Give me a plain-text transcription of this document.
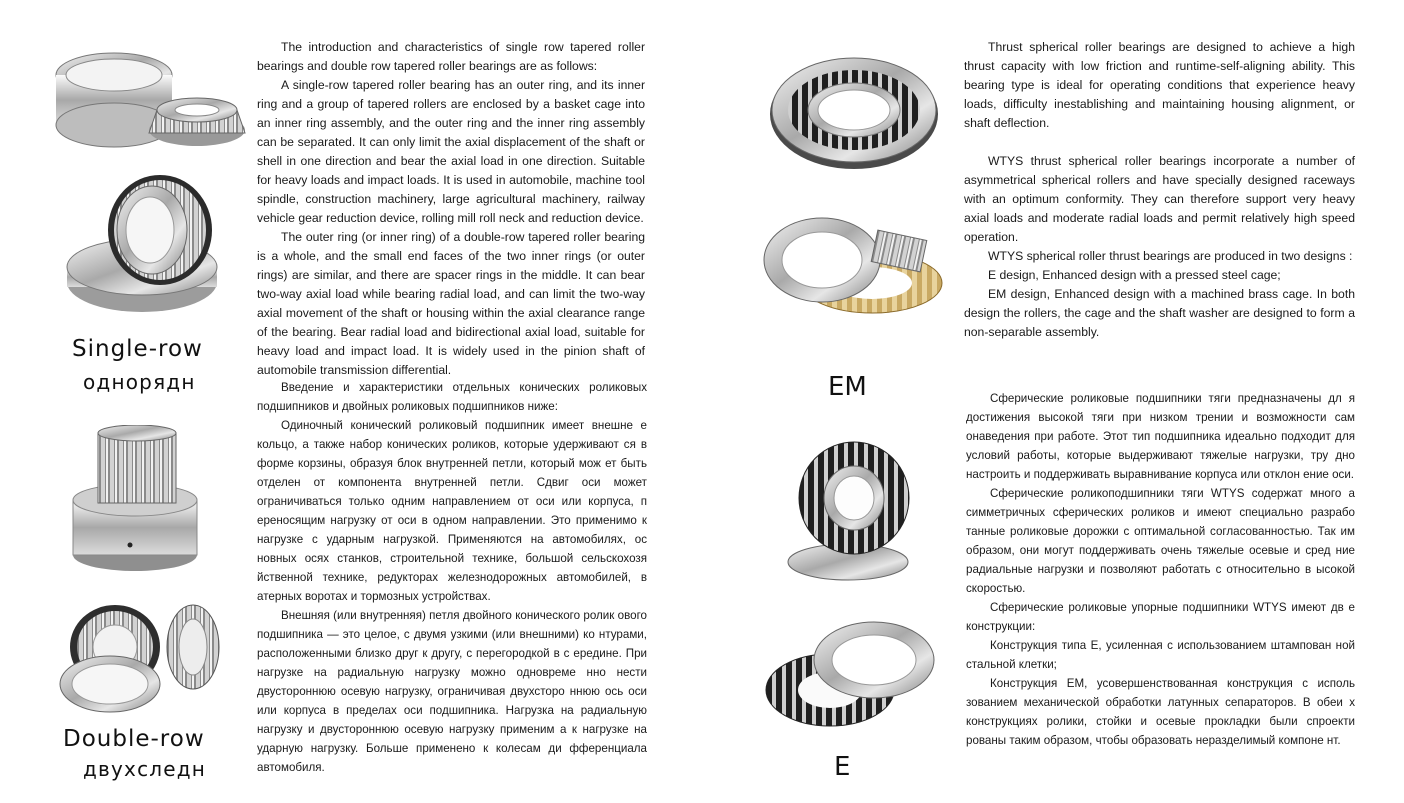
Single-row
однорядн
Double-row
двухследн

The introduction and characteristics of single row tapered roller bearings and double row tapered roller bearings are as follows:

A single-row tapered roller bearing has an outer ring, and its inner ring and a group of tapered rollers are enclosed by a basket cage into an inner ring assembly, and the outer ring and the inner ring assembly can be separated. It can only limit the axial displacement of the shaft or shell in one direction and bear the axial load in one direction. Suitable for heavy loads and impact loads. It is used in automobile, machine tool spindle, construction machinery, large agricultural machinery, railway vehicle gear reduction device, rolling mill roll neck and reduction device.

The outer ring (or inner ring) of a double-row tapered roller bearing is a whole, and the small end faces of the two inner rings (or outer rings) are similar, and there are spacer rings in the middle. It can bear two-way axial load while bearing radial load, and can limit the two-way axial movement of the shaft or housing within the axial clearance range of the bearing. Bear radial load and bidirectional axial load, suitable for heavy load and impact load. It is widely used in the pinion shaft of automobile transmission differential.

Введение и характеристики отдельных конических роликовых подшипников и двойных роликовых подшипников ниже:

Одиночный конический роликовый подшипник имеет внешне е кольцо, а также набор конических роликов, которые удерживают ся в форме корзины, образуя блок внутренней петли, который мож ет быть отделен от компонента внутренней петли. Сдвиг оси может ограничиваться только одним направлением от оси или корпуса, п ереносящим нагрузку от оси в одном направлении. Это применимо к нагрузке с ударным нагрузкой. Применяются на автомобилях, ос новных осях станков, строительной технике, большой сельскохозя йственной технике, редукторах железнодорожных автомобилей, в атерных воротах и тормозных устройствах.

Внешняя (или внутренняя) петля двойного конического ролик ового подшипника — это целое, с двумя узкими (или внешними) ко нтурами, расположенными близко друг к другу, с перегородкой в с ередине. При нагрузке на радиальную нагрузку можно одновреме нно нести двустороннюю осевую нагрузку, ограничивая двухсторо ннюю ось оси или корпуса в пределах оси подшипника. Нагрузка на радиальную нагрузку и двустороннюю осевую нагрузку применим а к нагрузке на ударную нагрузку. Больше применено к колесам ди фференциала автомобиля.

EM
E

Thrust spherical roller bearings are designed to achieve a high thrust capacity with low friction and runtime-self-aligning ability. This bearing type is ideal for operating conditions that experience heavy loads, difficulty inestablishing and maintaining housing alignment, or shaft deflection.

WTYS thrust spherical roller bearings incorporate a number of asymmetrical spherical rollers and have specially designed raceways with an optimum conformity. They can therefore support very heavy axial loads and moderate radial loads and permit relatively high speed operation.

WTYS spherical roller thrust bearings are produced in two designs :

E design, Enhanced design with a pressed steel cage;

EM design, Enhanced design with a machined brass cage. In both design the rollers, the cage and the shaft washer are designed to form a non-separable assembly.

Сферические роликовые подшипники тяги предназначены дл я достижения высокой тяги при низком трении и возможности сам онаведения при работе. Этот тип подшипника идеально подходит для условий работы, которые выдерживают тяжелые нагрузки, тру дно настроить и поддерживать выравнивание корпуса или отклон ение оси.

Сферические роликоподшипники тяги WTYS содержат много а симметричных сферических роликов и имеют специально разрабо танные роликовые дорожки с оптимальной согласованностью. Так им образом, они могут поддерживать очень тяжелые осевые и сред ние радиальные нагрузки и позволяют работать с относительно в ысокой скоростью.

Сферические роликовые упорные подшипники WTYS имеют дв е конструкции:

Конструкция типа E, усиленная с использованием штампован ной стальной клетки;

Конструкция EM, усовершенствованная конструкция с исполь зованием механической обработки латунных сепараторов. В обеи х конструкциях ролики, стойки и осевые прокладки были спроекти рованы таким образом, чтобы образовать неразделимый компоне нт.
